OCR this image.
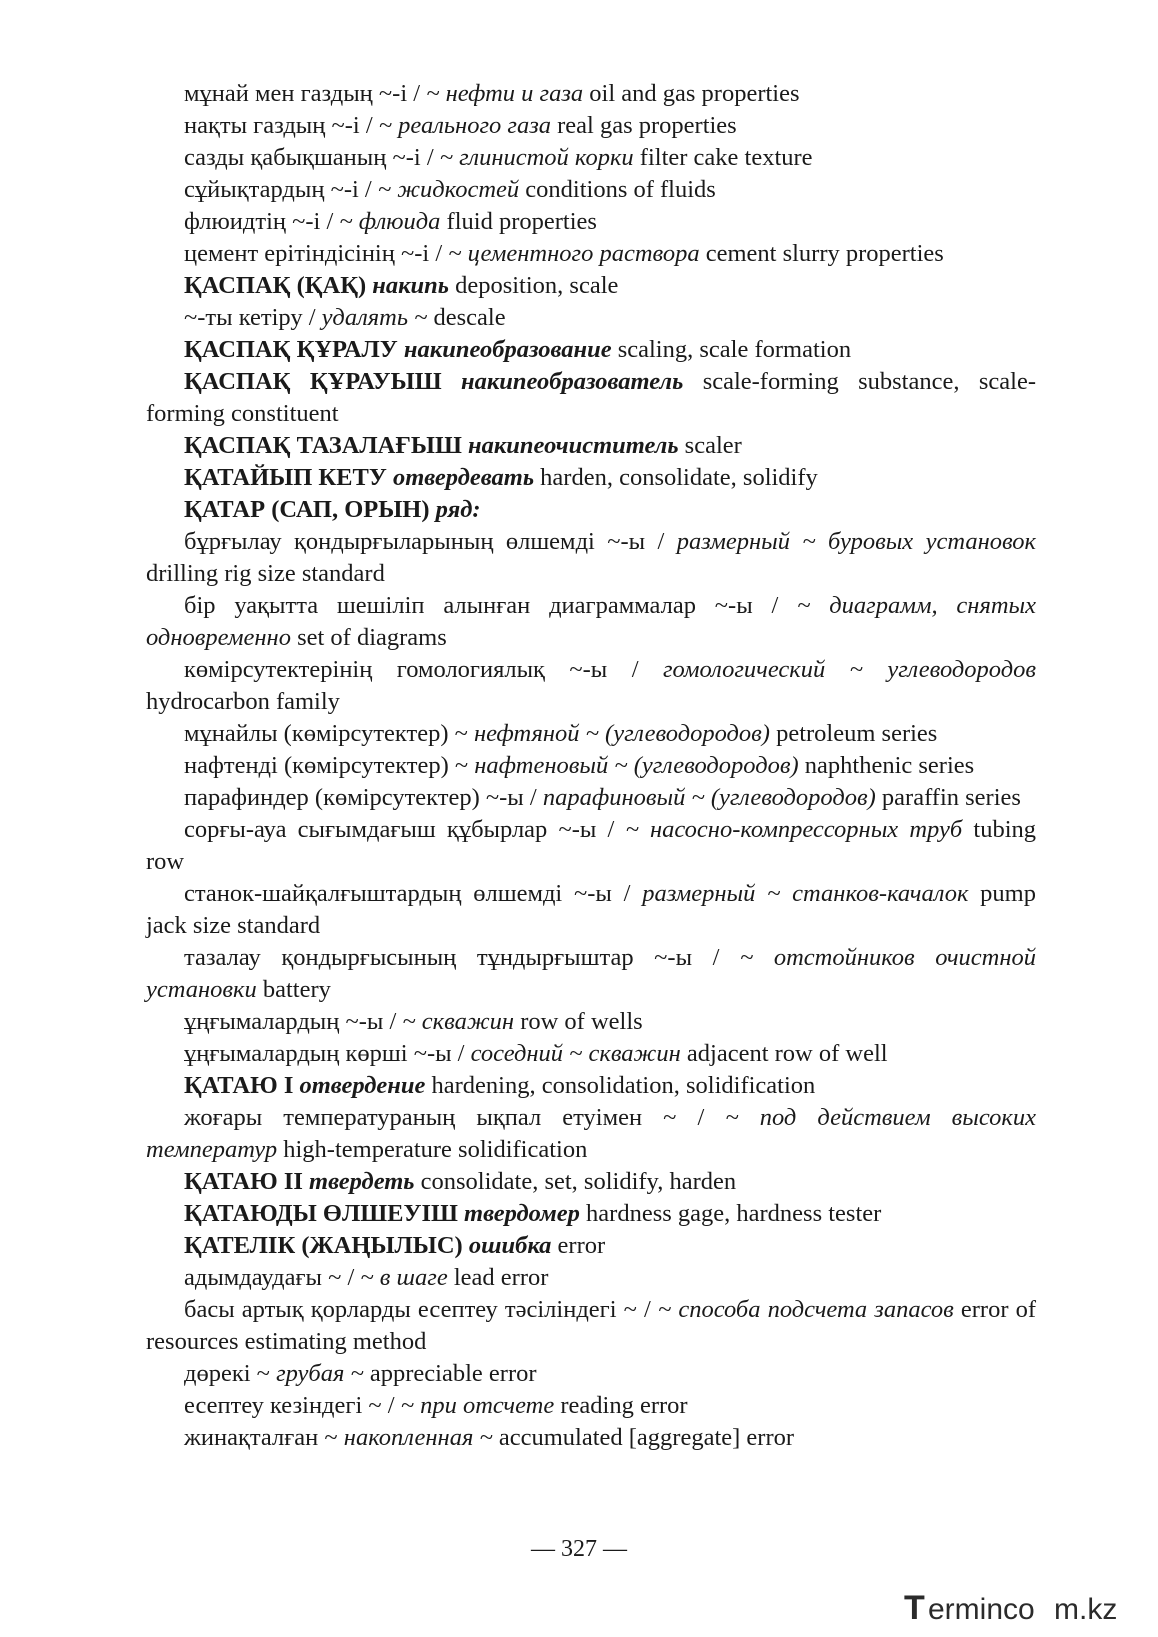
мұнай мен газдың ~-і / ~ нефти и газа oil and gas properties

нақты газдың ~-і / ~ реального газа real gas properties

сазды қабықшаның ~-і / ~ глинистой корки filter cake texture

сұйықтардың ~-і / ~ жидкостей conditions of fluids

флюидтің ~-і / ~ флюида fluid properties

цемент ерітіндісінің ~-і / ~ цементного раствора cement slurry properties

ҚАСПАҚ (ҚАҚ) накипь deposition, scale

~-ты кетіру / удалять ~ descale

ҚАСПАҚ ҚҰРАЛУ накипеобразование scaling, scale formation

ҚАСПАҚ ҚҰРАУЫШ накипеобразователь scale-forming substance, scale-forming constituent

ҚАСПАҚ ТАЗАЛАҒЫШ накипеочиститель scaler

ҚАТАЙЫП КЕТУ отвердевать harden, consolidate, solidify

ҚАТАР (САП, ОРЫН) ряд:

бұрғылау қондырғыларының өлшемді ~-ы / размерный ~ буровых установок drilling rig size standard

бір уақытта шешіліп алынған диаграммалар ~-ы / ~ диаграмм, снятых одновременно set of diagrams

көмірсутектерінің гомологиялық ~-ы / гомологический ~ углеводородов hydrocarbon family

мұнайлы (көмірсутектер) ~ нефтяной ~ (углеводородов) petroleum series

нафтенді (көмірсутектер) ~ нафтеновый ~ (углеводородов) naphthenic series

парафиндер (көмірсутектер) ~-ы / парафиновый ~ (углеводородов) paraffin series

сорғы-ауа сығымдағыш құбырлар ~-ы / ~ насосно-компрессорных труб tubing row

станок-шайқалғыштардың өлшемді ~-ы / размерный ~ станков-качалок pump jack size standard

тазалау қондырғысының тұндырғыштар ~-ы / ~ отстойников очистной установки battery

ұңғымалардың ~-ы / ~ скважин row of wells

ұңғымалардың көрші ~-ы / соседний ~ скважин adjacent row of well

ҚАТАЮ I отвердение hardening, consolidation, solidification

жоғары температураның ықпал етуімен ~ / ~ под действием высоких температур high-temperature solidification

ҚАТАЮ II твердеть consolidate, set, solidify, harden

ҚАТАЮДЫ ӨЛШЕУІШ твердомер hardness gage, hardness tester

ҚАТЕЛІК (ЖАҢЫЛЫС) ошибка error

адымдаудағы ~ / ~ в шаге lead error

басы артық қорларды есептеу тәсіліндегі ~ / ~ способа подсчета запасов error of resources estimating method

дөрекі ~ грубая ~ appreciable error

есептеу кезіндегі ~ / ~ при отсчете reading error

жинақталған ~ накопленная ~ accumulated [aggregate] error

— 327 —
T ermincо m.kz
